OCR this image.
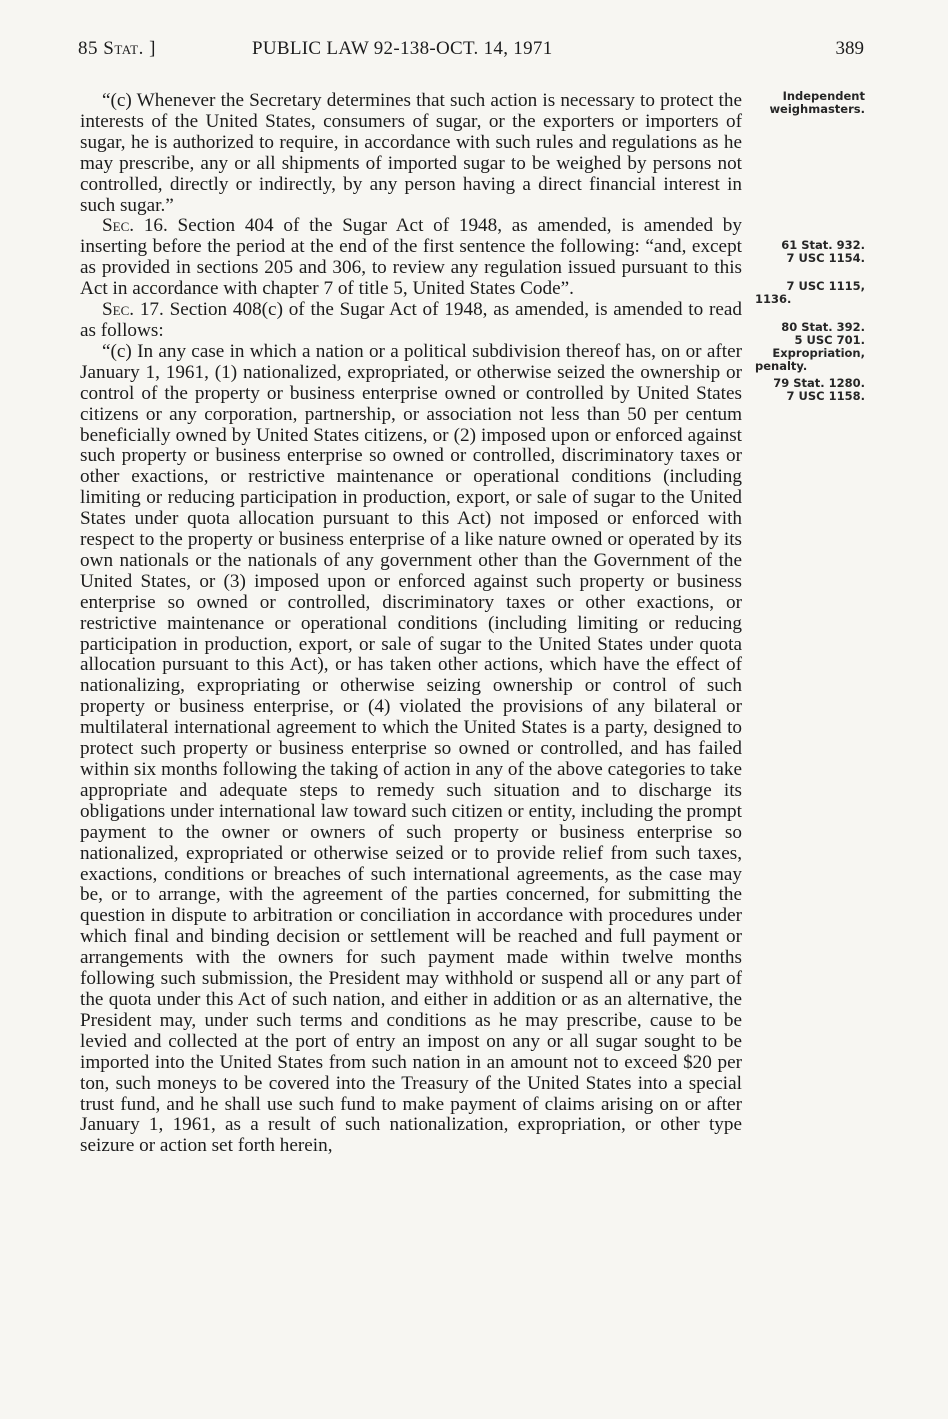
85 Stat. ]	PUBLIC LAW 92-138-OCT. 14, 1971	389

“(c) Whenever the Secretary determines that such action is necessary to protect the interests of the United States, consumers of sugar, or the exporters or importers of sugar, he is authorized to require, in accordance with such rules and regulations as he may prescribe, any or all shipments of imported sugar to be weighed by persons not controlled, directly or indirectly, by any person having a direct financial interest in such sugar.”

Sec. 16. Section 404 of the Sugar Act of 1948, as amended, is amended by inserting before the period at the end of the first sentence the following: “and, except as provided in sections 205 and 306, to review any regulation issued pursuant to this Act in accordance with chapter 7 of title 5, United States Code”.

Sec. 17. Section 408(c) of the Sugar Act of 1948, as amended, is amended to read as follows:

“(c) In any case in which a nation or a political subdivision thereof has, on or after January 1, 1961, (1) nationalized, expropriated, or otherwise seized the ownership or control of the property or business enterprise owned or controlled by United States citizens or any corporation, partnership, or association not less than 50 per centum beneficially owned by United States citizens, or (2) imposed upon or enforced against such property or business enterprise so owned or controlled, discriminatory taxes or other exactions, or restrictive maintenance or operational conditions (including limiting or reducing participation in production, export, or sale of sugar to the United States under quota allocation pursuant to this Act) not imposed or enforced with respect to the property or business enterprise of a like nature owned or operated by its own nationals or the nationals of any government other than the Government of the United States, or (3) imposed upon or enforced against such property or business enterprise so owned or controlled, discriminatory taxes or other exactions, or restrictive maintenance or operational conditions (including limiting or reducing participation in production, export, or sale of sugar to the United States under quota allocation pursuant to this Act), or has taken other actions, which have the effect of nationalizing, expropriating or otherwise seizing ownership or control of such property or business enterprise, or (4) violated the provisions of any bilateral or multilateral international agreement to which the United States is a party, designed to protect such property or business enterprise so owned or controlled, and has failed within six months following the taking of action in any of the above categories to take appropriate and adequate steps to remedy such situation and to discharge its obligations under international law toward such citizen or entity, including the prompt payment to the owner or owners of such property or business enterprise so nationalized, expropriated or otherwise seized or to provide relief from such taxes, exactions, conditions or breaches of such international agreements, as the case may be, or to arrange, with the agreement of the parties concerned, for submitting the question in dispute to arbitration or conciliation in accordance with procedures under which final and binding decision or settlement will be reached and full payment or arrangements with the owners for such payment made within twelve months following such submission, the President may withhold or suspend all or any part of the quota under this Act of such nation, and either in addition or as an alternative, the President may, under such terms and conditions as he may prescribe, cause to be levied and collected at the port of entry an impost on any or all sugar sought to be imported into the United States from such nation in an amount not to exceed $20 per ton, such moneys to be covered into the Treasury of the United States into a special trust fund, and he shall use such fund to make payment of claims arising on or after January 1, 1961, as a result of such nationalization, expropriation, or other type seizure or action set forth herein,

Independent
weighmasters.
61 Stat. 932.
7 USC 1154.
7 USC 1115,
1136.
80 Stat. 392.
5 USC 701.
Expropriation,
penalty.
79 Stat. 1280.
7 USC 1158.
